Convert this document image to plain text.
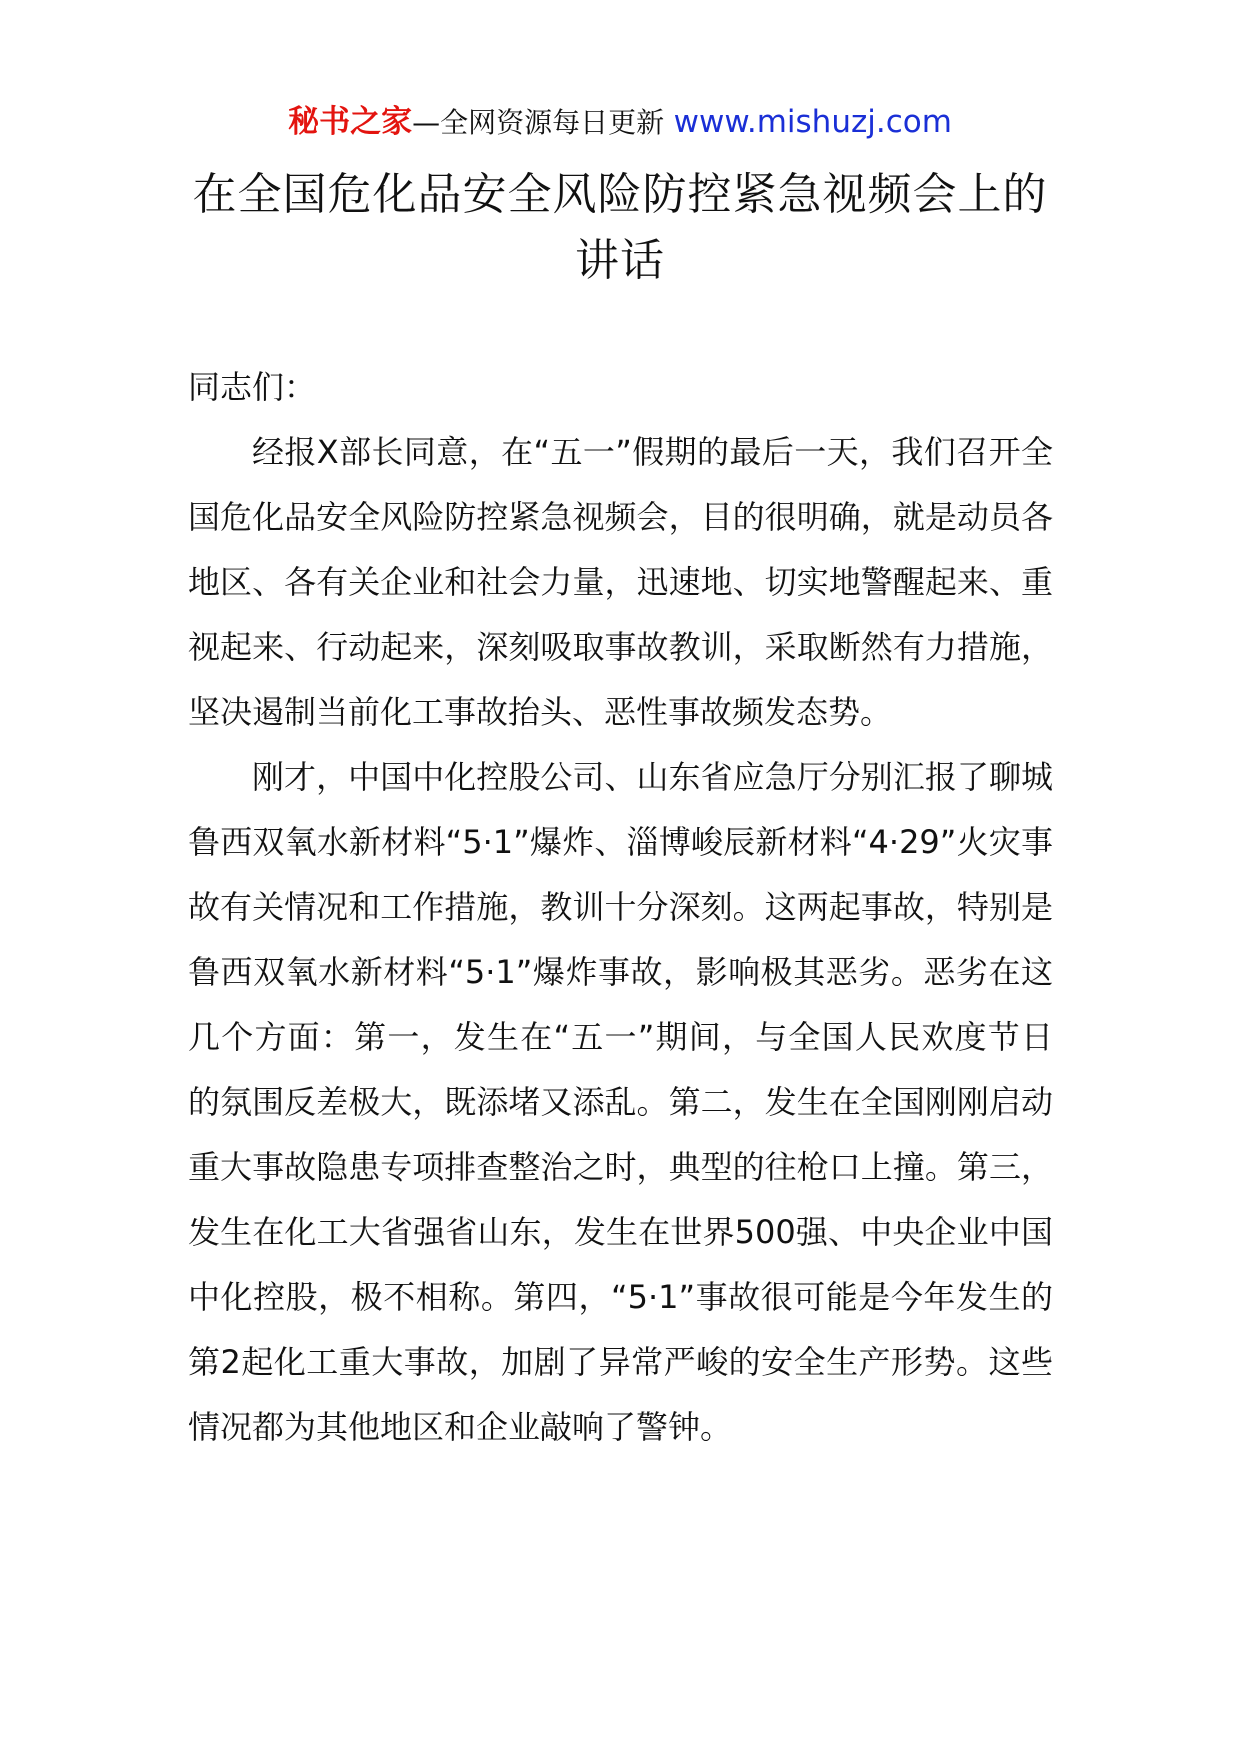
秘书之家—全网资源每日更新 www.mishuzj.com
在全国危化品安全风险防控紧急视频会上的讲话

同志们：

经报X部长同意，在“五一”假期的最后一天，我们召开全国危化品安全风险防控紧急视频会，目的很明确，就是动员各地区、各有关企业和社会力量，迅速地、切实地警醒起来、重视起来、行动起来，深刻吸取事故教训，采取断然有力措施，坚决遏制当前化工事故抬头、恶性事故频发态势。

刚才，中国中化控股公司、山东省应急厅分别汇报了聊城鲁西双氧水新材料“5·1”爆炸、淄博峻辰新材料“4·29”火灾事故有关情况和工作措施，教训十分深刻。这两起事故，特别是鲁西双氧水新材料“5·1”爆炸事故，影响极其恶劣。恶劣在这几个方面：第一，发生在“五一”期间，与全国人民欢度节日的氛围反差极大，既添堵又添乱。第二，发生在全国刚刚启动重大事故隐患专项排查整治之时，典型的往枪口上撞。第三，发生在化工大省强省山东，发生在世界500强、中央企业中国中化控股，极不相称。第四，“5·1”事故很可能是今年发生的第2起化工重大事故，加剧了异常严峻的安全生产形势。这些情况都为其他地区和企业敲响了警钟。
